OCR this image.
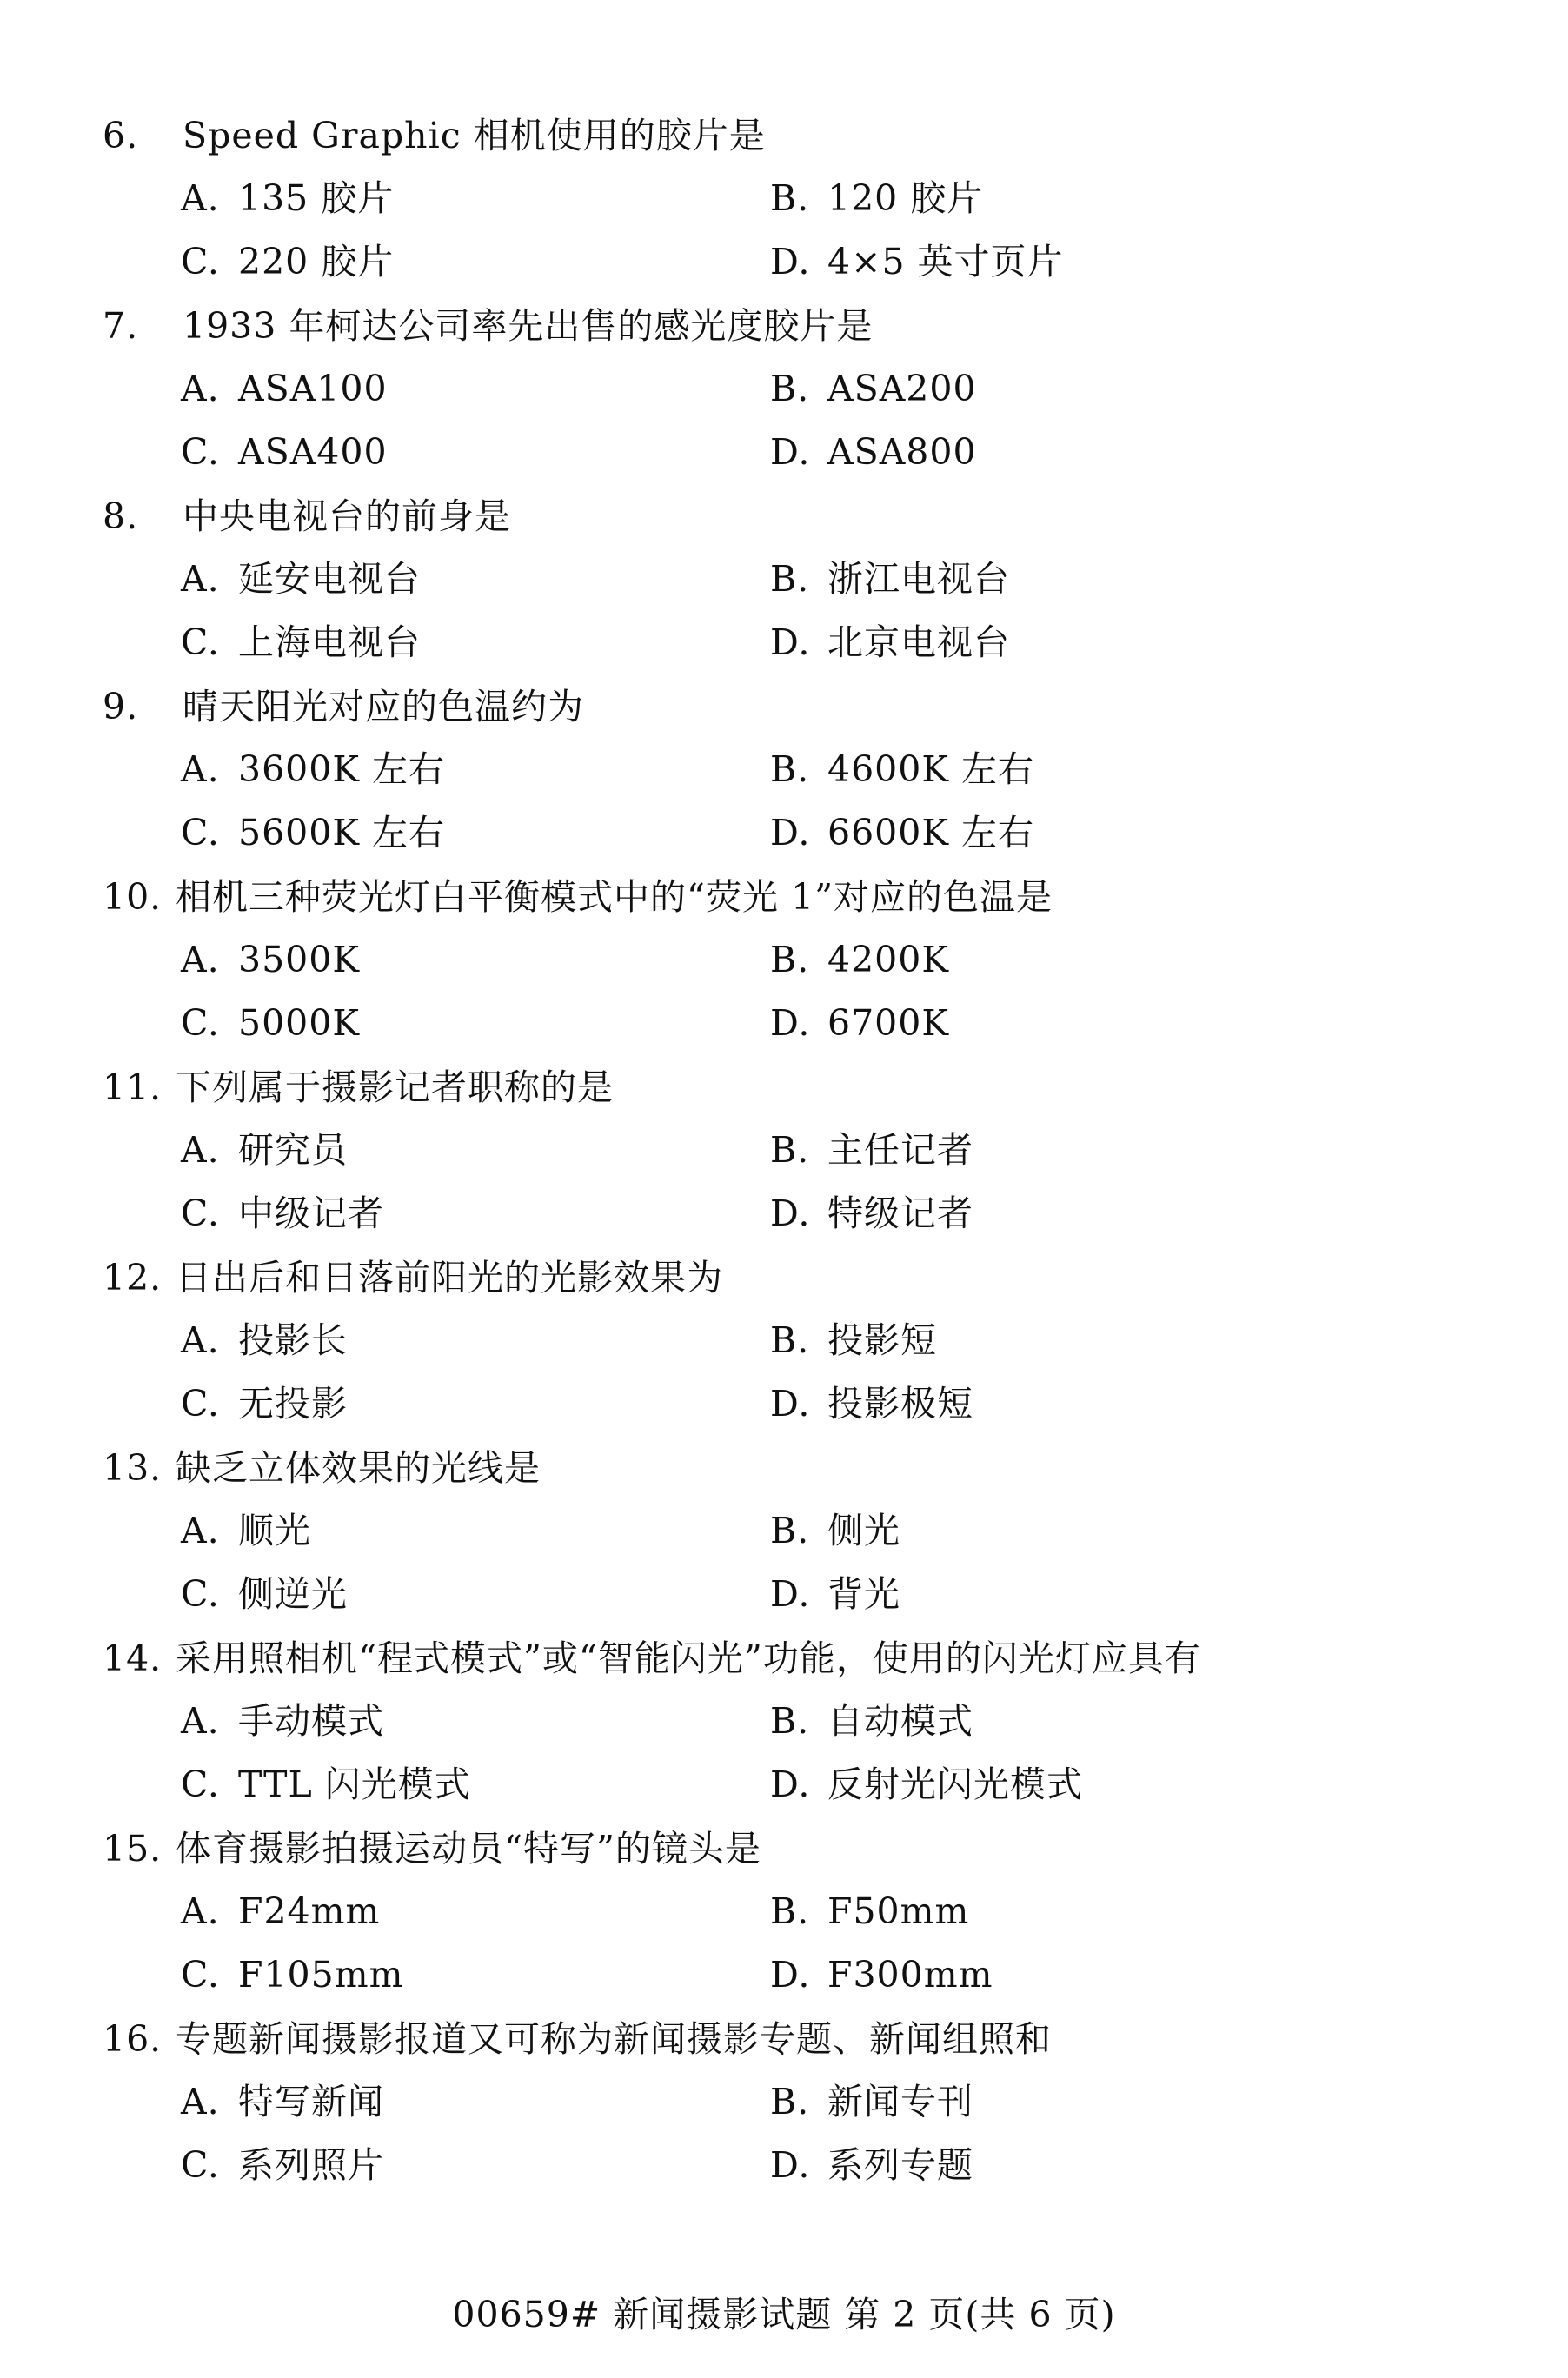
6. Speed Graphic 相机使用的胶片是
A. 135 胶片	B. 120 胶片
C. 220 胶片	D. 4×5 英寸页片
7. 1933 年柯达公司率先出售的感光度胶片是
A. ASA100	B. ASA200
C. ASA400	D. ASA800
8. 中央电视台的前身是
A. 延安电视台	B. 浙江电视台
C. 上海电视台	D. 北京电视台
9. 晴天阳光对应的色温约为
A. 3600K 左右	B. 4600K 左右
C. 5600K 左右	D. 6600K 左右
10. 相机三种荧光灯白平衡模式中的“荧光 1”对应的色温是
A. 3500K	B. 4200K
C. 5000K	D. 6700K
11. 下列属于摄影记者职称的是
A. 研究员	B. 主任记者
C. 中级记者	D. 特级记者
12. 日出后和日落前阳光的光影效果为
A. 投影长	B. 投影短
C. 无投影	D. 投影极短
13. 缺乏立体效果的光线是
A. 顺光	B. 侧光
C. 侧逆光	D. 背光
14. 采用照相机“程式模式”或“智能闪光”功能，使用的闪光灯应具有
A. 手动模式	B. 自动模式
C. TTL 闪光模式	D. 反射光闪光模式
15. 体育摄影拍摄运动员“特写”的镜头是
A. F24mm	B. F50mm
C. F105mm	D. F300mm
16. 专题新闻摄影报道又可称为新闻摄影专题、新闻组照和
A. 特写新闻	B. 新闻专刊
C. 系列照片	D. 系列专题
00659# 新闻摄影试题 第 2 页(共 6 页)
